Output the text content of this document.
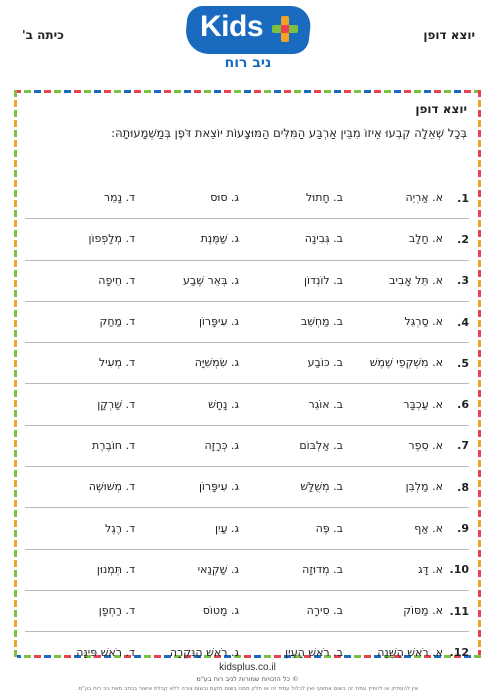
יוצא דופן
Kids
ניב רוח
כיתה ב'
יוצא דופן
בְּכָל שְׁאֵלָה קִבְעוּ אֵיזוֹ מִבֵּין אַרְבַּע הַמִּלִּים הַמּוּצָעוֹת יוֹצֵאת דֹּפֶן בְּמַשְׁמָעוּתָהּ:
1.
א. אַרְיֵה
ב. חָתוּל
ג. סוּס
ד. נָמֵר
2.
א. חָלָב
ב. גְּבִינָה
ג. שַׁמֶּנֶת
ד. מְלָפְפוֹן
3.
א. תֵּל אָבִיב
ב. לוֹנְדוֹן
ג. בְּאֵר שֶׁבַע
ד. חֵיפָה
4.
א. סַרְגֵּל
ב. מַחְשֵׁב
ג. עִיפָּרוֹן
ד. מַחַק
5.
א. מִשְׁקְפֵי שֶׁמֶשׁ
ב. כּוֹבַע
ג. שִׂמְשִׁיָּה
ד. מְעִיל
6.
א. עַכְבָּר
ב. אוֹגֵר
ג. נָחָשׁ
ד. שַׁרְקָן
7.
א. סֵפֶר
ב. אַלְבּוֹם
ג. כְּרָזָה
ד. חוֹבֶרֶת
8.
א. מַלְבֵּן
ב. מְשֻׁלָּשׁ
ג. עִיפָּרוֹן
ד. מְשׁוּשֶׁה
9.
א. אַף
ב. פֶּה
ג. עַיִן
ד. רֶגֶל
10.
א. דָּג
ב. מְדוּזָה
ג. שַׁקְנַאי
ד. תְּמְנוּן
11.
א. מַסּוֹק
ב. סִירָה
ג. מָטוֹס
ד. רַחְפָן
12.
א. רֹאשׁ הַשָּׁנָה
ב. רֹאשׁ הָעַיִן
ג. רֹאשׁ הַנִּקְרָה
ד. רֹאשׁ פִּינָּה
kidsplus.co.il
© כל הזכויות שמורות לניב רוח בע"מ
אין להעתיק או להפיץ עמוד זה בשום אמצעי ואין לכלול עמוד זה או חלק ממנו בשום מקום ובשום צורה ללא קבלת אישור בכתב מאת ניב רוח בע"מ.
